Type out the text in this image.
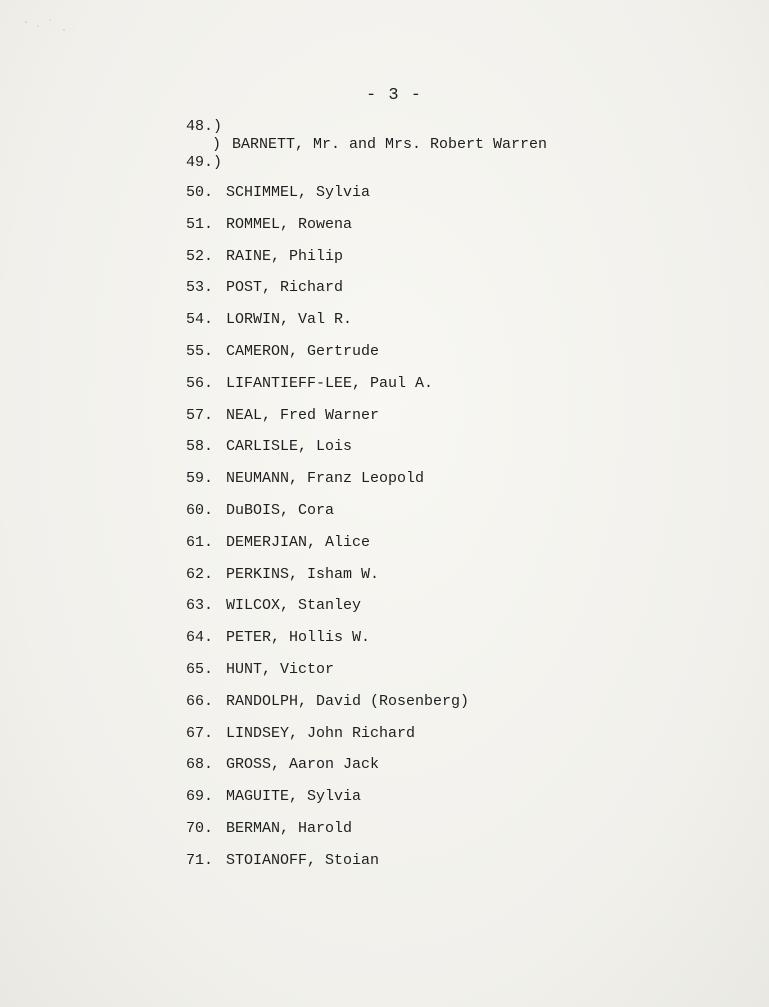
- 3 -
48.)
)
49.)
BARNETT, Mr. and Mrs. Robert Warren
50. SCHIMMEL, Sylvia
51. ROMMEL, Rowena
52. RAINE, Philip
53. POST, Richard
54. LORWIN, Val R.
55. CAMERON, Gertrude
56. LIFANTIEFF-LEE, Paul A.
57. NEAL, Fred Warner
58. CARLISLE, Lois
59. NEUMANN, Franz Leopold
60. DuBOIS, Cora
61. DEMERJIAN, Alice
62. PERKINS, Isham W.
63. WILCOX, Stanley
64. PETER, Hollis W.
65. HUNT, Victor
66. RANDOLPH, David (Rosenberg)
67. LINDSEY, John Richard
68. GROSS, Aaron Jack
69. MAGUITE, Sylvia
70. BERMAN, Harold
71. STOIANOFF, Stoian
